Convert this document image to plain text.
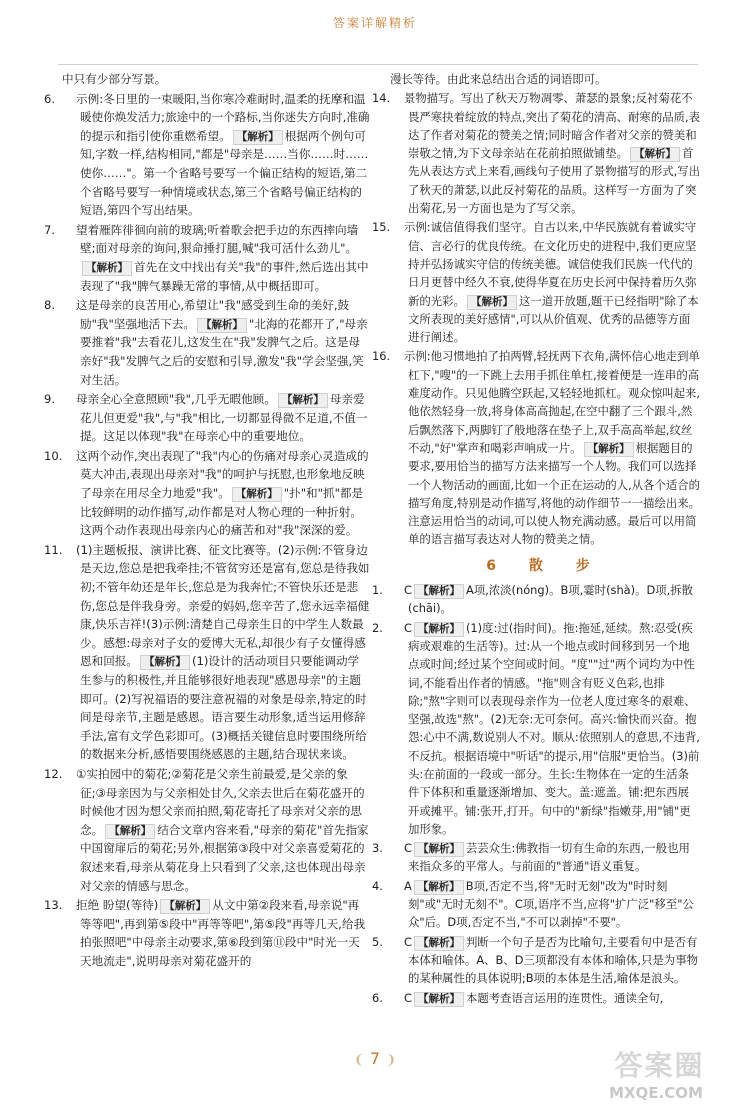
答案详解精析
中只有少部分写景。
6. 示例:冬日里的一束暖阳,当你寒冷难耐时,温柔的抚摩和温暖使你焕发活力;旅途中的一个路标,当你迷失方向时,准确的提示和指引使你重燃希望。 【解析】 根据两个例句可知,字数一样,结构相同,"都是"母亲是……当你……时……使你……"。第一个省略号要写一个偏正结构的短语,第二个省略号要写一种情境或状态,第三个省略号偏正结构的短语,第四个写出结果。
7. 望着雁阵徘徊向前的玻璃;听着歌会把手边的东西摔向墙壁;面对母亲的询问,狠命捶打腿,喊"我可活什么劲儿"。【解析】 首先在文中找出有关"我"的事件,然后选出其中表现了"我"脾气暴躁无常的事情,从中概括即可。
8. 这是母亲的良苦用心,希望让"我"感受到生命的美好,鼓励"我"坚强地活下去。 【解析】 "北海的花都开了,"母亲要推着"我"去看花儿,这发生在"我"发脾气之后。这是母亲好"我"发脾气之后的安慰和引导,激发"我"学会坚强,笑对生活。
9. 母亲全心全意照顾"我",几乎无暇他顾。 【解析】 母亲爱花儿但更爱"我",与"我"相比,一切都显得微不足道,不值一提。这足以体现"我"在母亲心中的重要地位。
10. 这两个动作,突出表现了"我"内心的伤痛对母亲心灵造成的莫大冲击,表现出母亲对"我"的呵护与抚慰,也形象地反映了母亲在用尽全力地爱"我"。 【解析】 "扑"和"抓"都是比较鲜明的动作描写,动作都是对人物心理的一种折射。这两个动作表现出母亲内心的痛苦和对"我"深深的爱。
11. (1)主题板报、演讲比赛、征文比赛等。(2)示例:不管身边是天边,您总是把我牵挂;不管贫穷还是富有,您总是待我如初;不管年幼还是年长,您总是为我奔忙;不管快乐还是悲伤,您总是伴我身旁。亲爱的妈妈,您辛苦了,您永远幸福健康,快乐吉祥!(3)示例:清楚自己母亲生日的中学生人数最少。感想:母亲对子女的爱博大无私,却很少有子女懂得感恩和回报。 【解析】 (1)设计的活动项目只要能调动学生参与的积极性,并且能够很好地表现"感恩母亲"的主题即可。(2)写祝福语的要注意祝福的对象是母亲,特定的时间是母亲节,主题是感恩。语言要生动形象,适当运用修辞手法,富有文学色彩即可。(3)概括关键信息时要围绕所给的数据来分析,感悟要围绕感恩的主题,结合现状来谈。
12. ①实拍园中的菊花;②菊花是父亲生前最爱,是父亲的象征;③母亲因为与父亲相处甘久,父亲去世后在菊花盛开的时候他才因为想父亲而拍照,菊花寄托了母亲对父亲的思念。 【解析】 结合文章内容来看,"母亲的菊花"首先指家中国窗扉后的菊花;另外,根据第③段中对父亲喜爱菊花的叙述来看,母亲从菊花身上只看到了父亲,这也体现出母亲对父亲的情感与思念。
13. 拒绝 盼望(等待) 【解析】 从文中第②段来看,母亲说"再等等吧",再到第⑤段中"再等等吧",第⑤段"再等几天,给我拍张照吧"中母亲主动要求,第⑥段到第⑪段中"时光一天天地流走",说明母亲对菊花盛开的
漫长等待。由此来总结出合适的词语即可。
14. 景物描写。写出了秋天万物凋零、萧瑟的景象;反衬菊花不畏严寒抉着绽放的特点,突出了菊花的清高、耐寒的品质,表达了作者对菊花的赞美之情;同时暗含作者对父亲的赞美和崇敬之情,为下文母亲站在花前拍照做铺垫。 【解析】 首先从表达方式上来看,画线句子使用了景物描写的形式,写出了秋天的萧瑟,以此反衬菊花的品质。这样写一方面为了突出菊花,另一方面也是为了写父亲。
15. 示例:诚信值得我们坚守。自古以来,中华民族就有着诚实守信、言必行的优良传统。在文化历史的进程中,我们更应坚持并弘扬诚实守信的传统美德。诚信使我们民族一代代的日月更替中经久不衰,使得华夏在历史长河中保持着历久弥新的光彩。 【解析】 这一道开放题,题干已经指明"除了本文所表现的美好感情",可以从价值观、优秀的品德等方面进行阐述。
16. 示例:他习惯地拍了拍两臂,轻抚两下衣角,满怀信心地走到单杠下,"嗖"的一下跳上去用手抓住单杠,接着便是一连串的高难度动作。只见他腾空跃起,又轻轻地抓杠。观众惊叫起来,他依然轻身一放,将身体高高抛起,在空中翻了三个跟斗,然后飘然落下,两脚钉了般地落在垫子上,双手高高举起,纹丝不动,"好"掌声和喝彩声响成一片。 【解析】 根据题目的要求,要用恰当的描写方法来描写一个人物。我们可以选择一个人物活动的画面,比如一个正在运动的人,从各个适合的描写角度,特别是动作描写,将他的动作细节一一描绘出来。注意运用恰当的动词,可以使人物充满动感。最后可以用简单的语言描写表达对人物的赞美之情。
6 散 步
1. C 【解析】 A项,浓淡(nóng)。B项,霎时(shà)。D项,拆散(chāi)。
2. C 【解析】 (1)度:过(指时间)。拖:拖延,延续。熬:忍受(疾病或艰难的生活等)。过:从一个地点或时间移到另一个地点或时间;经过某个空间或时间。"度""过"两个词均为中性词,不能看出作者的情感。"拖"则含有贬义色彩,也排除;"熬"字则可以表现母亲作为一位老人度过寒冬的艰难、坚强,故选"熬"。(2)无奈:无可奈何。高兴:愉快而兴奋。抱怨:心中不满,数说别人不对。顺从:依照别人的意思,不违背,不反抗。根据语境中"听话"的提示,用"信服"更恰当。(3)前头:在前面的一段或一部分。生长:生物体在一定的生活条件下体积和重量逐渐增加、变大。盖:遮盖。铺:把东西展开或摊平。铺:张开,打开。句中的"新绿"指嫩芽,用"铺"更加形象。
3. C 【解析】 芸芸众生:佛教指一切有生命的东西,一般也用来指众多的平常人。与前面的"普通"语义重复。
4. A 【解析】 B项,否定不当,将"无时无刻"改为"时时刻刻"或"无时无刻不"。C项,语序不当,应将"扩广泛"移至"公众"后。D项,否定不当,"不可以剥掉"不要"。
5. C 【解析】 判断一个句子是否为比喻句,主要看句中是否有本体和喻体。A、B、D三项都没有本体和喻体,只是为事物的某种属性的具体说明;B项的本体是生活,喻体是浪头。
6. C 【解析】 本题考查语言运用的连贯性。通读全句,
❨ 7 ❩	答案圈
MXQE.COM
